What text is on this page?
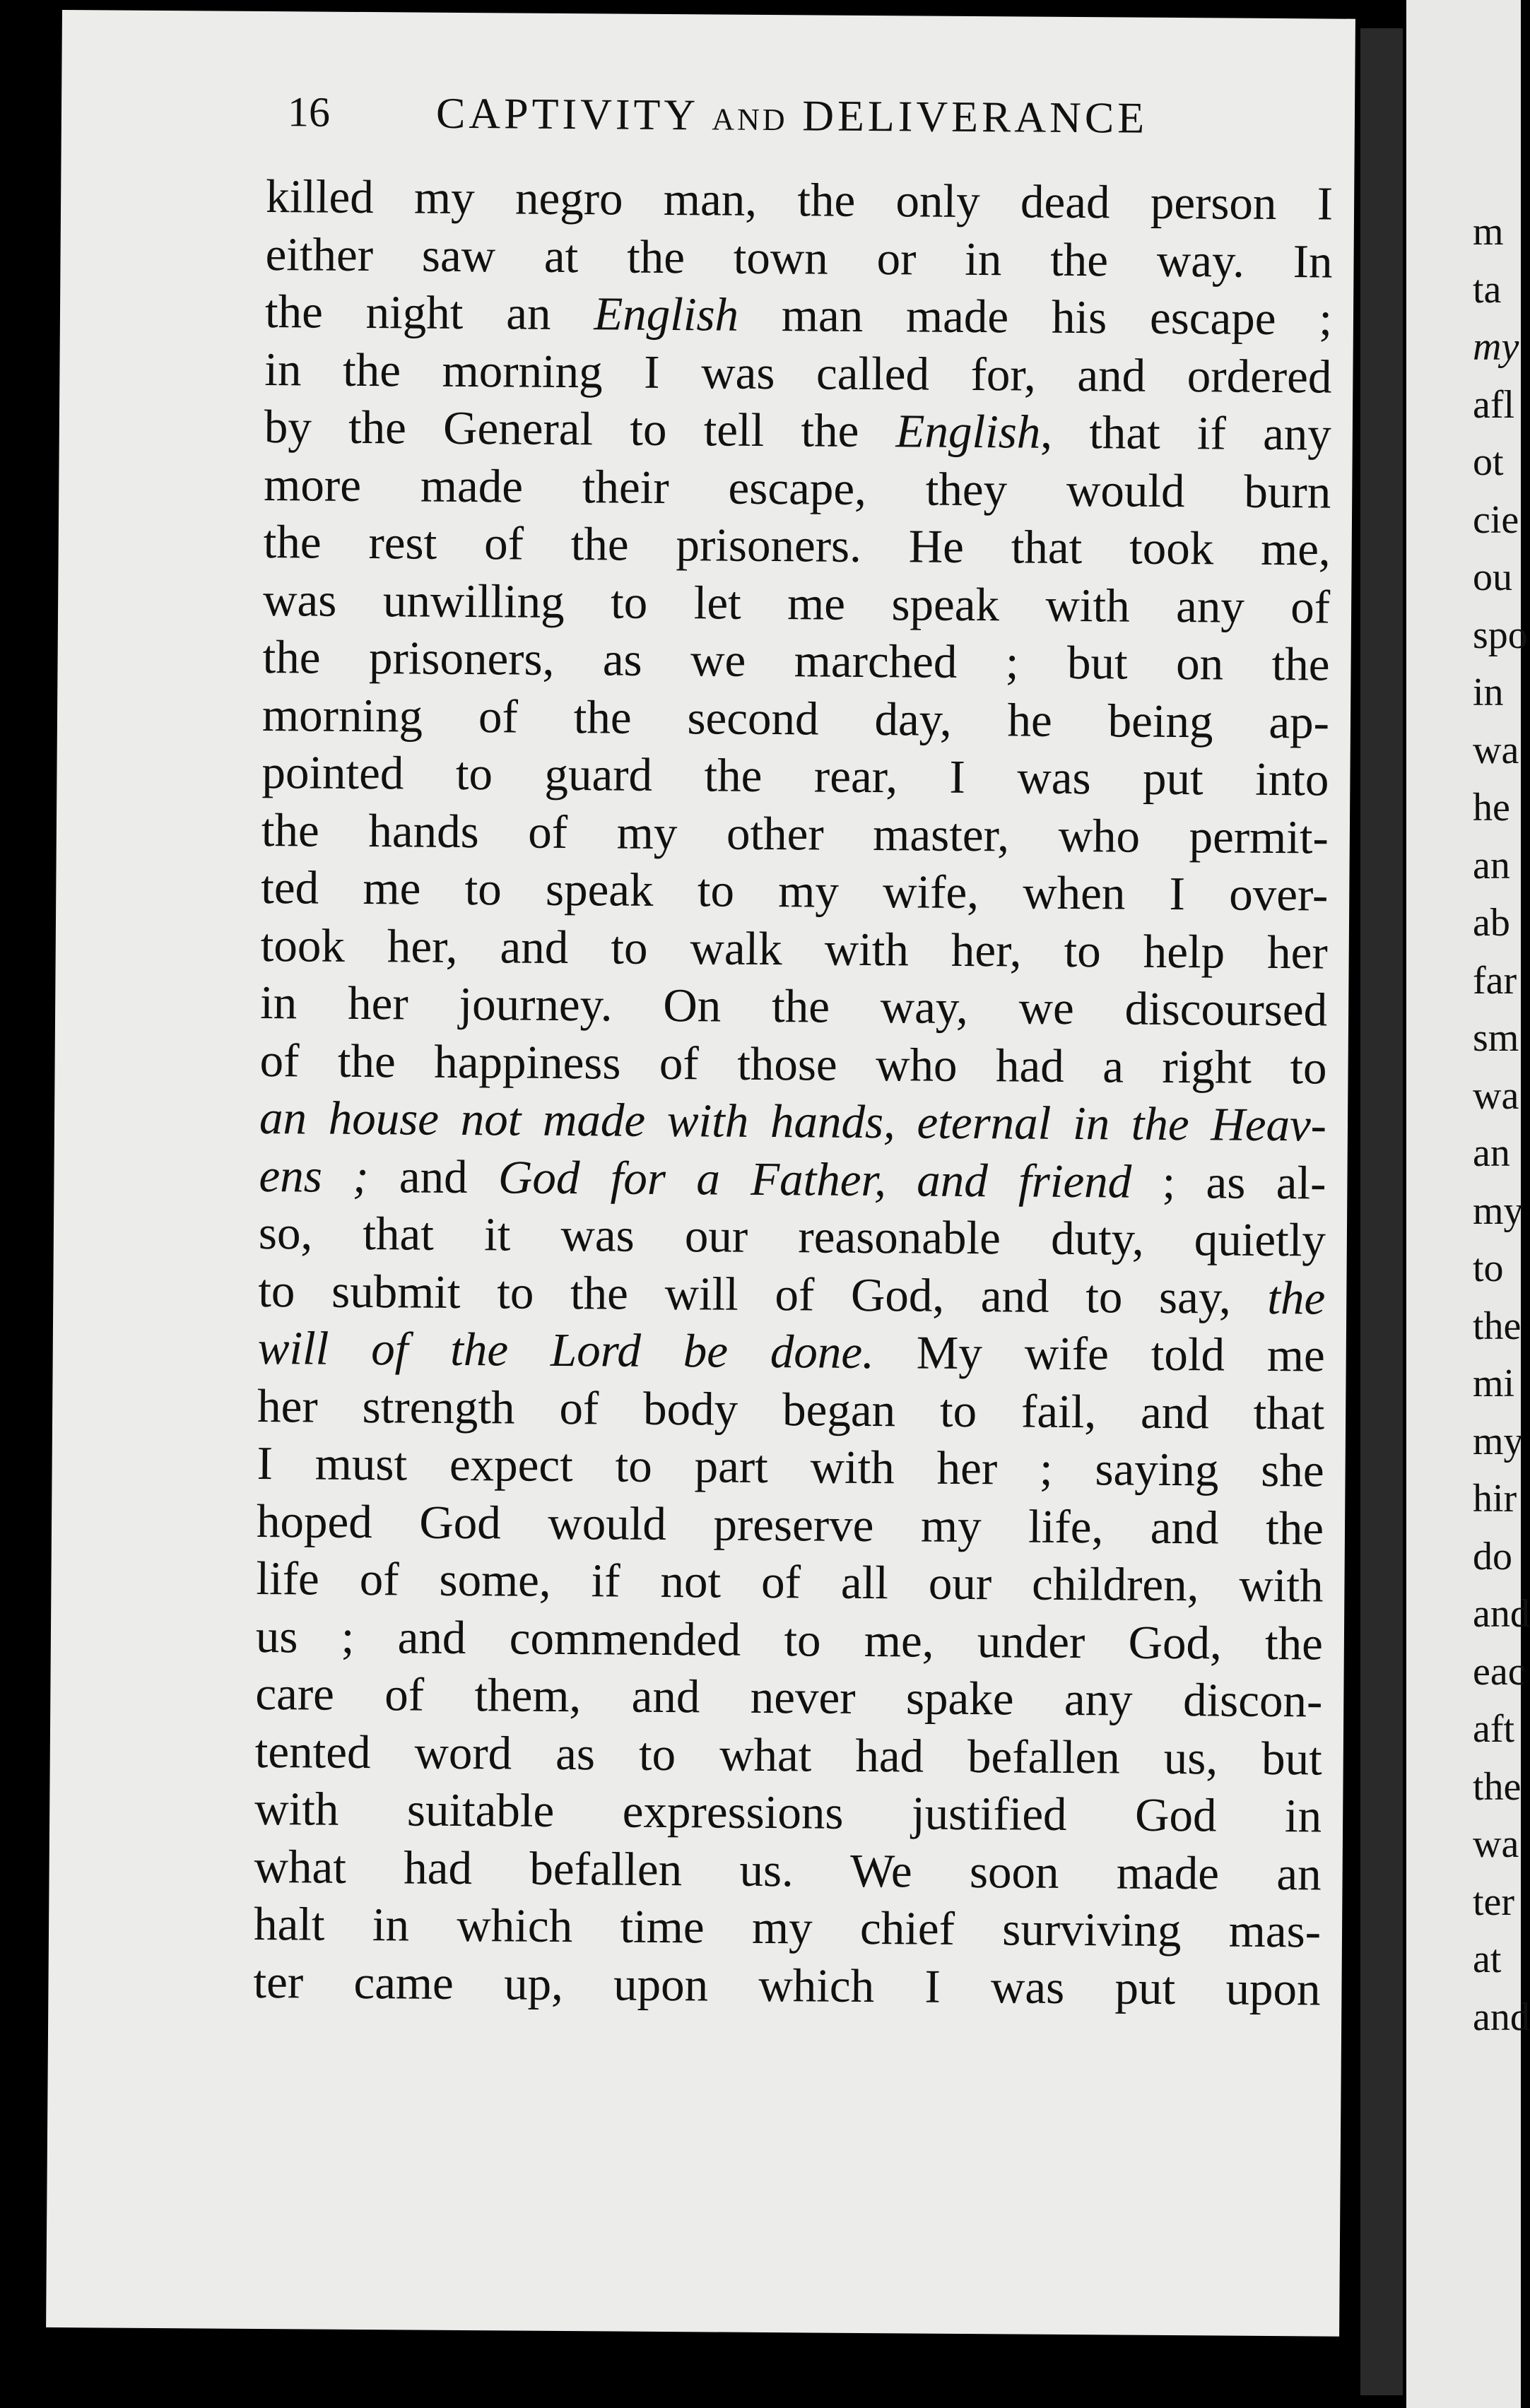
16 CAPTIVITY AND DELIVERANCE
killed my negro man, the only dead person I
either saw at the town or in the way. In
the night an English man made his escape ;
in the morning I was called for, and ordered
by the General to tell the English, that if any
more made their escape, they would burn
the rest of the prisoners. He that took me,
was unwilling to let me speak with any of
the prisoners, as we marched ; but on the
morning of the second day, he being ap-
pointed to guard the rear, I was put into
the hands of my other master, who permit-
ted me to speak to my wife, when I over-
took her, and to walk with her, to help her
in her journey. On the way, we discoursed
of the happiness of those who had a right to
an house not made with hands, eternal in the Heav-
ens ; and God for a Father, and friend ; as al-
so, that it was our reasonable duty, quietly
to submit to the will of God, and to say, the
will of the Lord be done. My wife told me
her strength of body began to fail, and that
I must expect to part with her ; saying she
hoped God would preserve my life, and the
life of some, if not of all our children, with
us ; and commended to me, under God, the
care of them, and never spake any discon-
tented word as to what had befallen us, but
with suitable expressions justified God in
what had befallen us. We soon made an
halt in which time my chief surviving mas-
ter came up, upon which I was put upon
m
ta
my
afl
ot
cie
ou
spo
in
wa
he
an
ab
far
sm
wa
an
my
to
the
mi
my
hir
do
and
eac
aft
the
wa
ter
at
and
